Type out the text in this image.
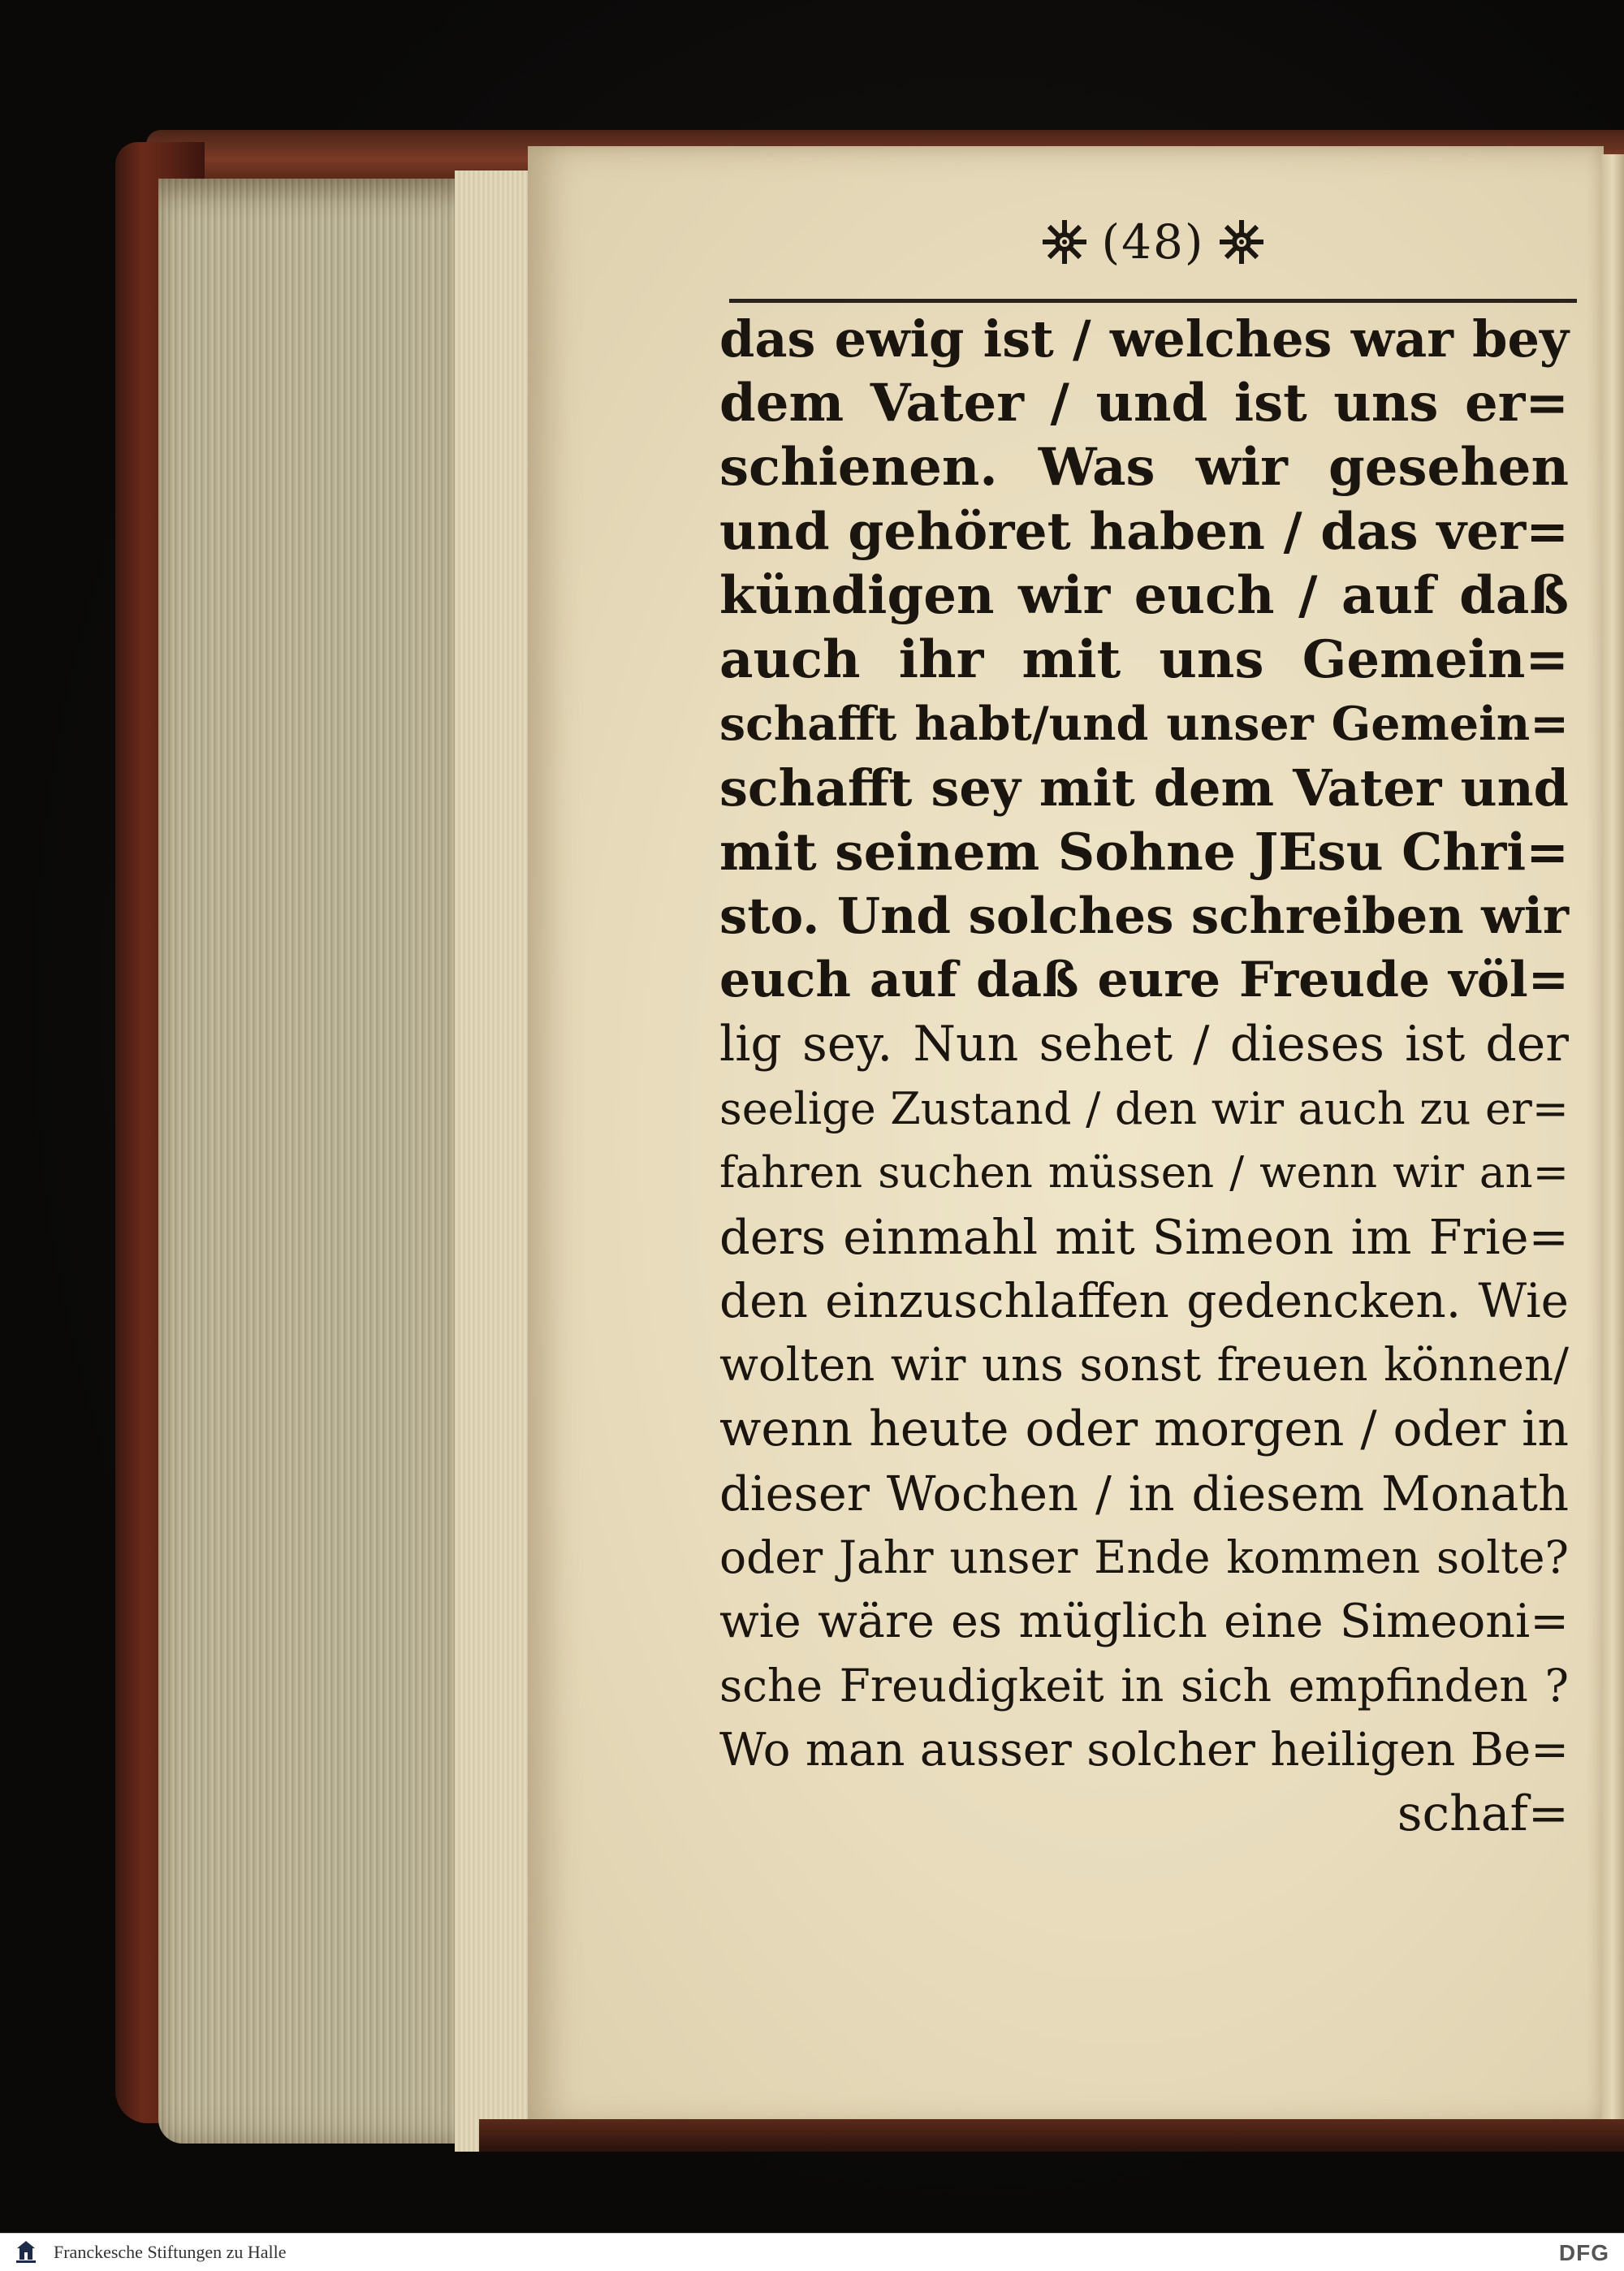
(48)
das ewig ist / welches war bey
dem Vater / und ist uns er=
schienen. Was wir gesehen
und gehöret haben / das ver=
kündigen wir euch / auf daß
auch ihr mit uns Gemein=
schafft habt/und unser Gemein=
schafft sey mit dem Vater und
mit seinem Sohne JEsu Chri=
sto. Und solches schreiben wir
euch auf daß eure Freude völ=
lig sey. Nun sehet / dieses ist der
seelige Zustand / den wir auch zu er=
fahren suchen müssen / wenn wir an=
ders einmahl mit Simeon im Frie=
den einzuschlaffen gedencken. Wie
wolten wir uns sonst freuen können/
wenn heute oder morgen / oder in
dieser Wochen / in diesem Monath
oder Jahr unser Ende kommen solte?
wie wäre es müglich eine Simeoni=
sche Freudigkeit in sich empfinden ?
Wo man ausser solcher heiligen Be=
schaf=
Franckesche Stiftungen zu Halle	DFG
